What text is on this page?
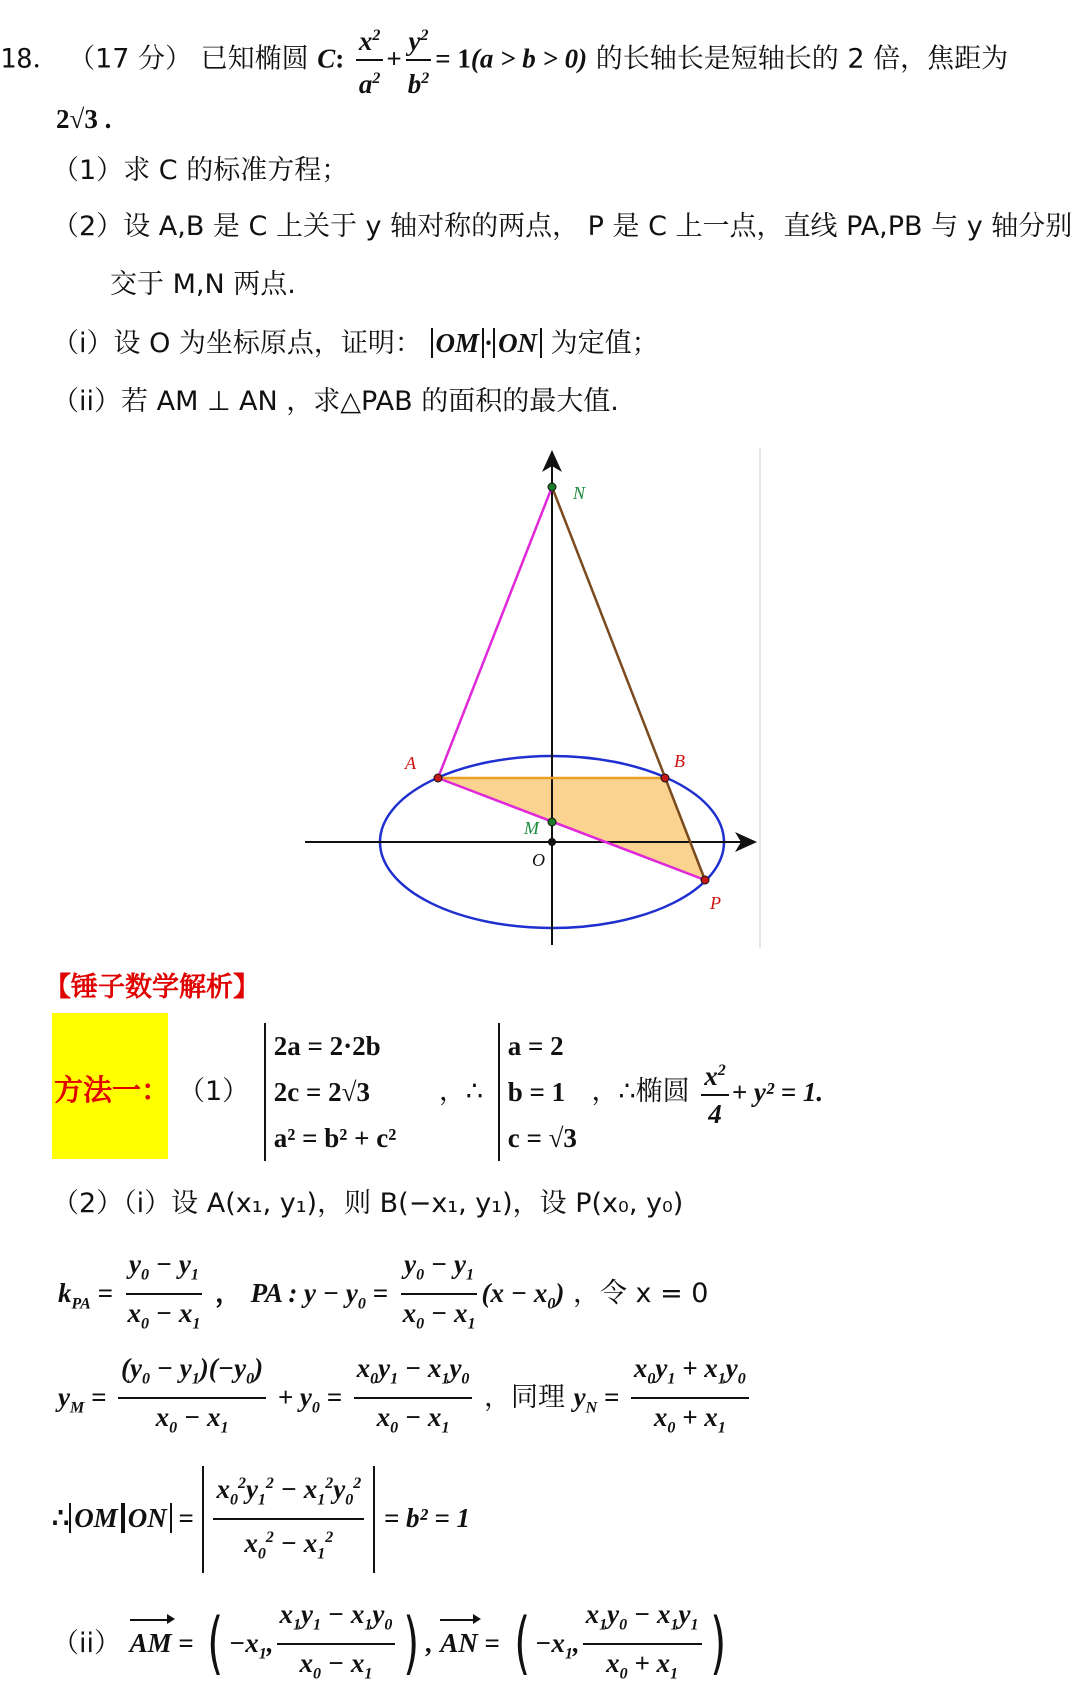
18． （17 分） 已知椭圆 C: $\frac{x^2}{a^2} + \frac{y^2}{b^2} = 1(a > b > 0)$ 的长轴长是短轴长的 2 倍，焦距为
2√3 .
（1）求 C 的标准方程；
（2）设 A,B 是 C 上关于 y 轴对称的两点， P 是 C 上一点，直线 PA,PB 与 y 轴分别
交于 M,N 两点.
（i）设 O 为坐标原点，证明： OM · ON 为定值；
（ii）若 AM ⊥ AN ，求△PAB 的面积的最大值.
N
A	B
M
O
P
【锤子数学解析】
方法一： （1）
2a = 2·2b
2c = 2√3
a² = b² + c²
，∴
a = 2
b = 1
c = √3
，∴椭圆 $\frac{x^2}{4} + y^2 = 1$.
（2）（i）设 A(x₁, y₁)，则 B(−x₁, y₁)，设 P(x₀, y₀)
$k_{PA} = \frac{y_0 - y_1}{x_0 - x_1}$ ， PA : $y - y_0 = \frac{y_0 - y_1}{x_0 - x_1} (x - x_0)$ ，令 x = 0
$y_M = \frac{(y_0 - y_1)(-y_0)}{x_0 - x_1} + y_0 = \frac{x_0y_1 - x_1y_0}{x_0 - x_1}$ ，同理 $y_N = \frac{x_0y_1 + x_1y_0}{x_0 + x_1}$
∴ OM ON = $\frac{x_0^2y_1^2 - x_1^2y_0^2}{x_0^2 - x_1^2} = b^2 = 1$
（ii） AM = ( $-x_1$, $\frac{x_1y_1 - x_1y_0}{x_0 - x_1}$ ) , AN = ( $-x_1$, $\frac{x_1y_0 - x_1y_1}{x_0 + x_1}$ )
